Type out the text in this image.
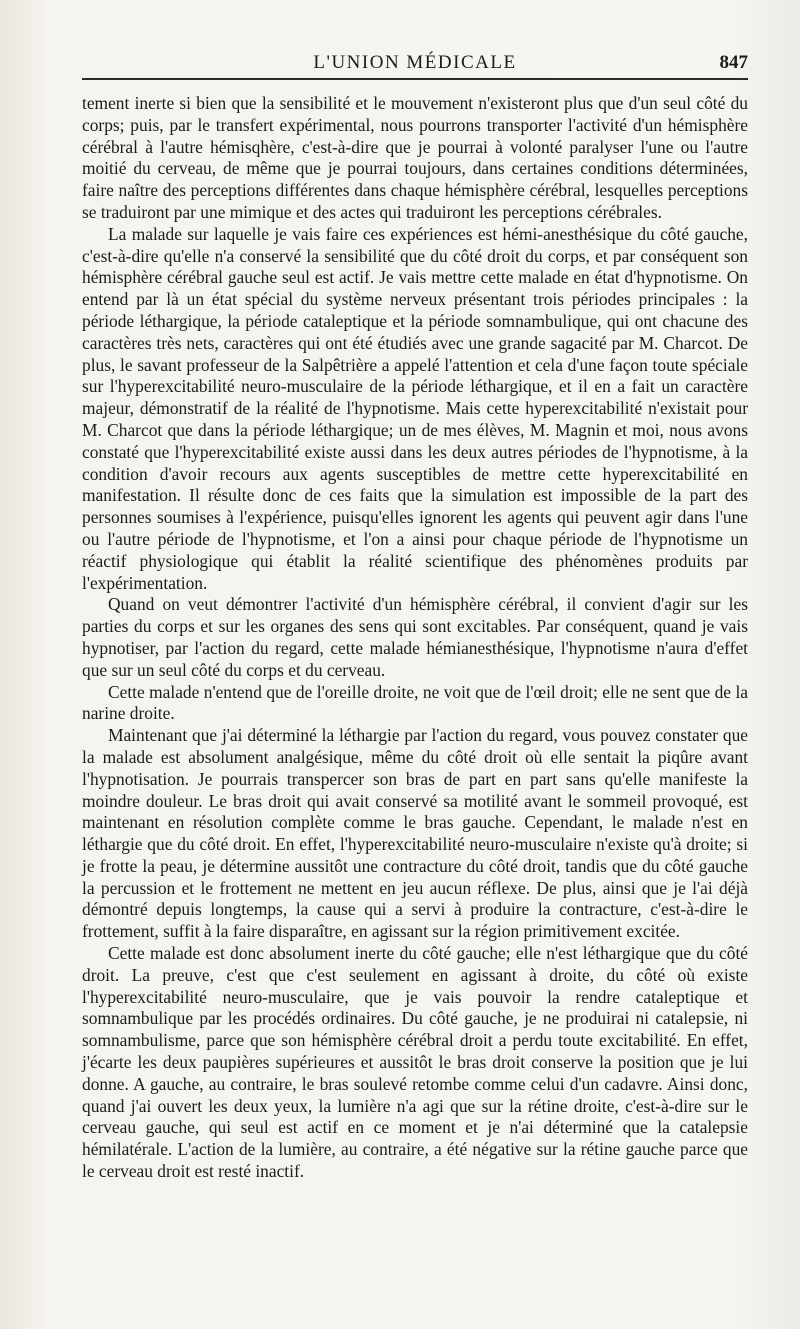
L'UNION MÉDICALE	847

tement inerte si bien que la sensibilité et le mouvement n'existeront plus que d'un seul côté du corps; puis, par le transfert expérimental, nous pourrons transporter l'activité d'un hémisphère cérébral à l'autre hémisqhère, c'est-à-dire que je pourrai à volonté paralyser l'une ou l'autre moitié du cerveau, de même que je pourrai toujours, dans certaines conditions déterminées, faire naître des perceptions différentes dans chaque hémisphère cérébral, lesquelles perceptions se traduiront par une mimique et des actes qui traduiront les perceptions cérébrales.

La malade sur laquelle je vais faire ces expériences est hémi-anesthésique du côté gauche, c'est-à-dire qu'elle n'a conservé la sensibilité que du côté droit du corps, et par conséquent son hémisphère cérébral gauche seul est actif. Je vais mettre cette malade en état d'hypnotisme. On entend par là un état spécial du système nerveux présentant trois périodes principales : la période léthargique, la période cataleptique et la période somnambulique, qui ont chacune des caractères très nets, caractères qui ont été étudiés avec une grande sagacité par M. Charcot. De plus, le savant professeur de la Salpêtrière a appelé l'attention et cela d'une façon toute spéciale sur l'hyperexcitabilité neuro-musculaire de la période léthargique, et il en a fait un caractère majeur, démonstratif de la réalité de l'hypnotisme. Mais cette hyperexcitabilité n'existait pour M. Charcot que dans la période léthargique; un de mes élèves, M. Magnin et moi, nous avons constaté que l'hyperexcitabilité existe aussi dans les deux autres périodes de l'hypnotisme, à la condition d'avoir recours aux agents susceptibles de mettre cette hyperexcitabilité en manifestation. Il résulte donc de ces faits que la simulation est impossible de la part des personnes soumises à l'expérience, puisqu'elles ignorent les agents qui peuvent agir dans l'une ou l'autre période de l'hypnotisme, et l'on a ainsi pour chaque période de l'hypnotisme un réactif physiologique qui établit la réalité scientifique des phénomènes produits par l'expérimentation.

Quand on veut démontrer l'activité d'un hémisphère cérébral, il convient d'agir sur les parties du corps et sur les organes des sens qui sont excitables. Par conséquent, quand je vais hypnotiser, par l'action du regard, cette malade hémianesthésique, l'hypnotisme n'aura d'effet que sur un seul côté du corps et du cerveau.

Cette malade n'entend que de l'oreille droite, ne voit que de l'œil droit; elle ne sent que de la narine droite.

Maintenant que j'ai déterminé la léthargie par l'action du regard, vous pouvez constater que la malade est absolument analgésique, même du côté droit où elle sentait la piqûre avant l'hypnotisation. Je pourrais transpercer son bras de part en part sans qu'elle manifeste la moindre douleur. Le bras droit qui avait conservé sa motilité avant le sommeil provoqué, est maintenant en résolution complète comme le bras gauche. Cependant, le malade n'est en léthargie que du côté droit. En effet, l'hyperexcitabilité neuro-musculaire n'existe qu'à droite; si je frotte la peau, je détermine aussitôt une contracture du côté droit, tandis que du côté gauche la percussion et le frottement ne mettent en jeu aucun réflexe. De plus, ainsi que je l'ai déjà démontré depuis longtemps, la cause qui a servi à produire la contracture, c'est-à-dire le frottement, suffit à la faire disparaître, en agissant sur la région primitivement excitée.

Cette malade est donc absolument inerte du côté gauche; elle n'est léthargique que du côté droit. La preuve, c'est que c'est seulement en agissant à droite, du côté où existe l'hyperexcitabilité neuro-musculaire, que je vais pouvoir la rendre cataleptique et somnambulique par les procédés ordinaires. Du côté gauche, je ne produirai ni catalepsie, ni somnambulisme, parce que son hémisphère cérébral droit a perdu toute excitabilité. En effet, j'écarte les deux paupières supérieures et aussitôt le bras droit conserve la position que je lui donne. A gauche, au contraire, le bras soulevé retombe comme celui d'un cadavre. Ainsi donc, quand j'ai ouvert les deux yeux, la lumière n'a agi que sur la rétine droite, c'est-à-dire sur le cerveau gauche, qui seul est actif en ce moment et je n'ai déterminé que la catalepsie hémilatérale. L'action de la lumière, au contraire, a été négative sur la rétine gauche parce que le cerveau droit est resté inactif.
